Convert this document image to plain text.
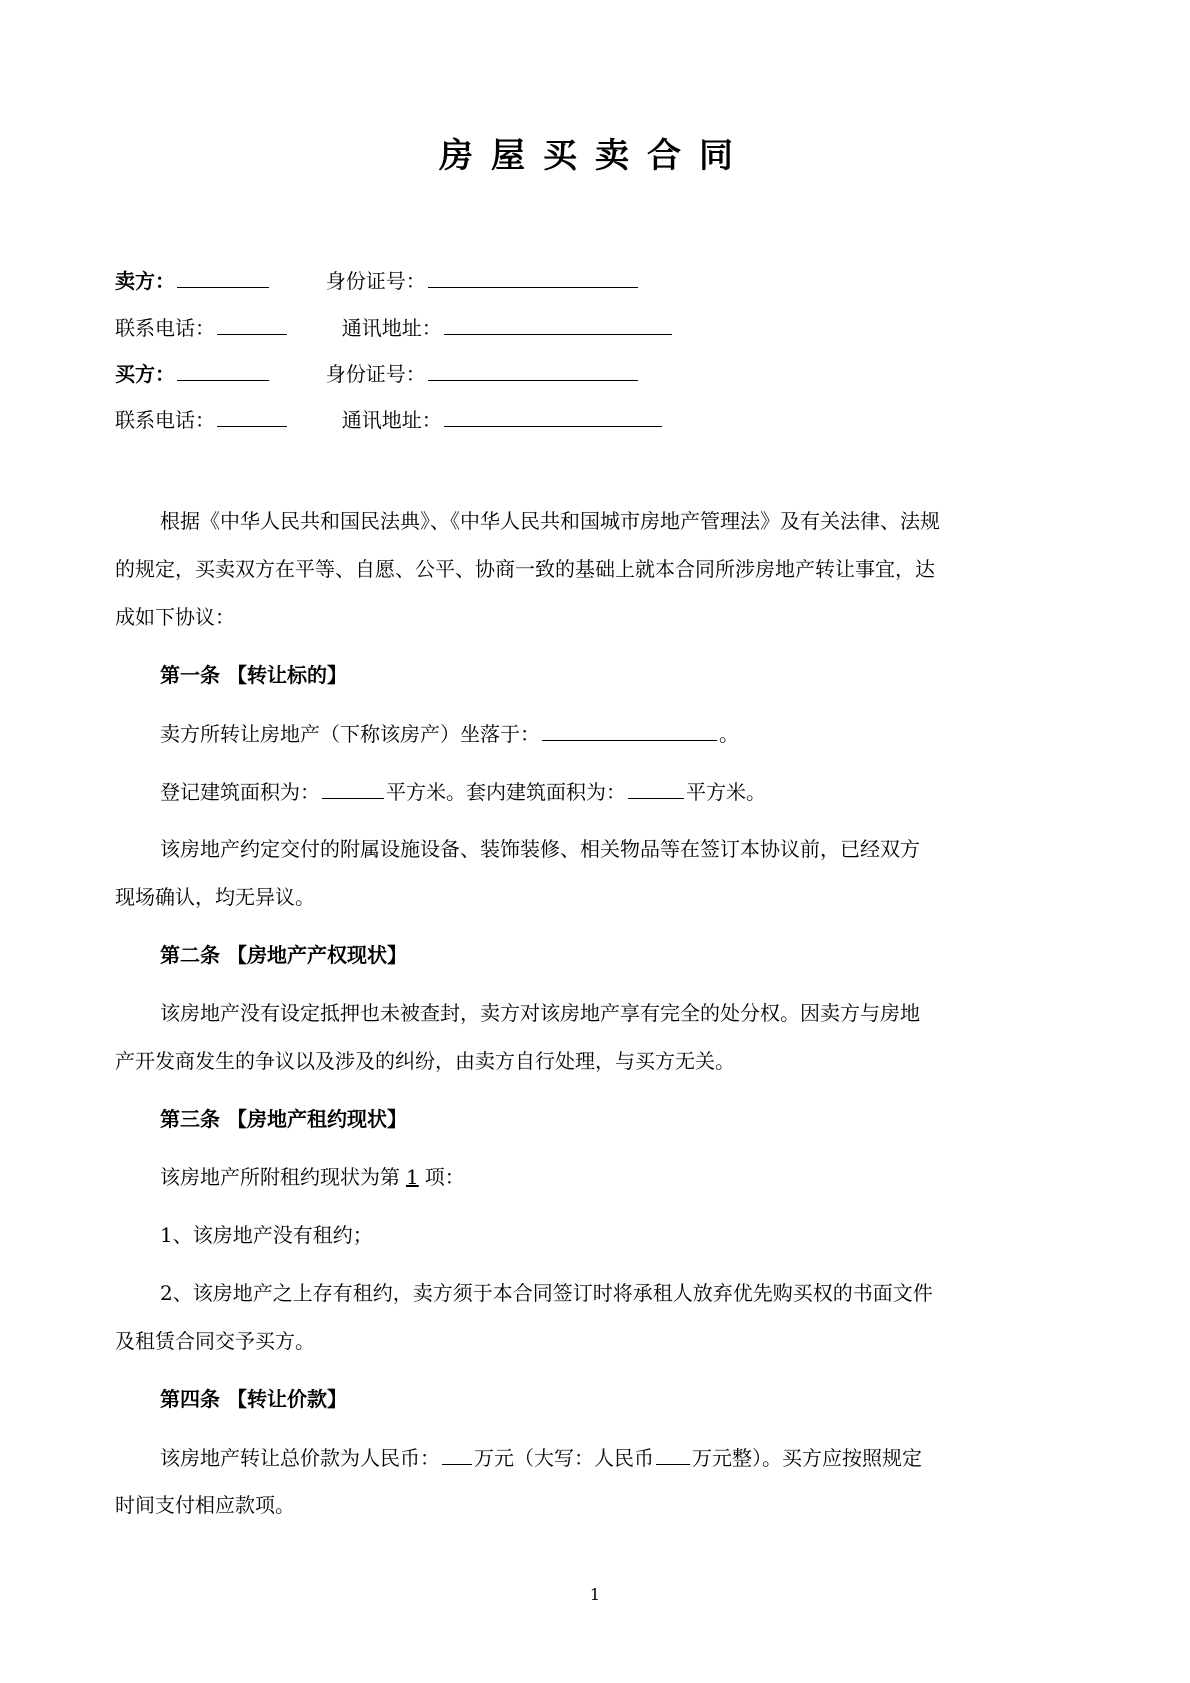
房屋买卖合同
卖方：	身份证号：
联系电话：	通讯地址：
买方：	身份证号：
联系电话：	通讯地址：
根据《中华人民共和国民法典》、《中华人民共和国城市房地产管理法》及有关法律、法规
的规定，买卖双方在平等、自愿、公平、协商一致的基础上就本合同所涉房地产转让事宜，达
成如下协议：
第一条 【转让标的】
卖方所转让房地产（下称该房产）坐落于：	。
登记建筑面积为：	平方米。套内建筑面积为：	平方米。
该房地产约定交付的附属设施设备、装饰装修、相关物品等在签订本协议前，已经双方
现场确认，均无异议。
第二条 【房地产产权现状】
该房地产没有设定抵押也未被查封，卖方对该房地产享有完全的处分权。因卖方与房地
产开发商发生的争议以及涉及的纠纷，由卖方自行处理，与买方无关。
第三条 【房地产租约现状】
该房地产所附租约现状为第 1 项：
1、该房地产没有租约；
2、该房地产之上存有租约，卖方须于本合同签订时将承租人放弃优先购买权的书面文件
及租赁合同交予买方。
第四条 【转让价款】
该房地产转让总价款为人民币： 万元（大写：人民币 万元整）。买方应按照规定
时间支付相应款项。
1
